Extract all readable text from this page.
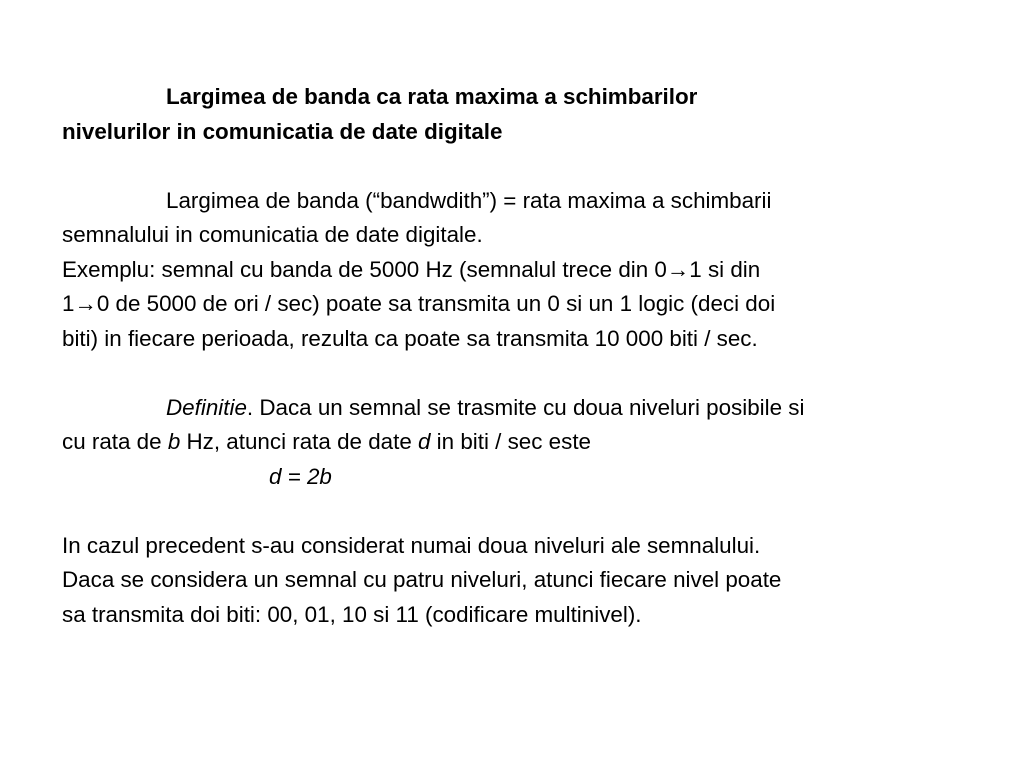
Largimea de banda ca rata maxima a schimbarilor
nivelurilor in comunicatia de date digitale
Largimea de banda (“bandwdith”) = rata maxima a schimbarii
semnalului in comunicatia de date digitale.
Exemplu: semnal cu banda de 5000 Hz (semnalul trece din 0→1 si din
1→0 de 5000 de ori / sec) poate sa transmita un 0 si un 1 logic (deci doi
biti) in fiecare perioada, rezulta ca poate sa transmita 10 000 biti / sec.
Definitie. Daca un semnal se trasmite cu doua niveluri posibile si
cu rata de b Hz, atunci rata de date d in biti / sec este
d = 2b
In cazul precedent s-au considerat numai doua niveluri ale semnalului.
Daca se considera un semnal cu patru niveluri, atunci fiecare nivel poate
sa transmita doi biti: 00, 01, 10 si 11 (codificare multinivel).
